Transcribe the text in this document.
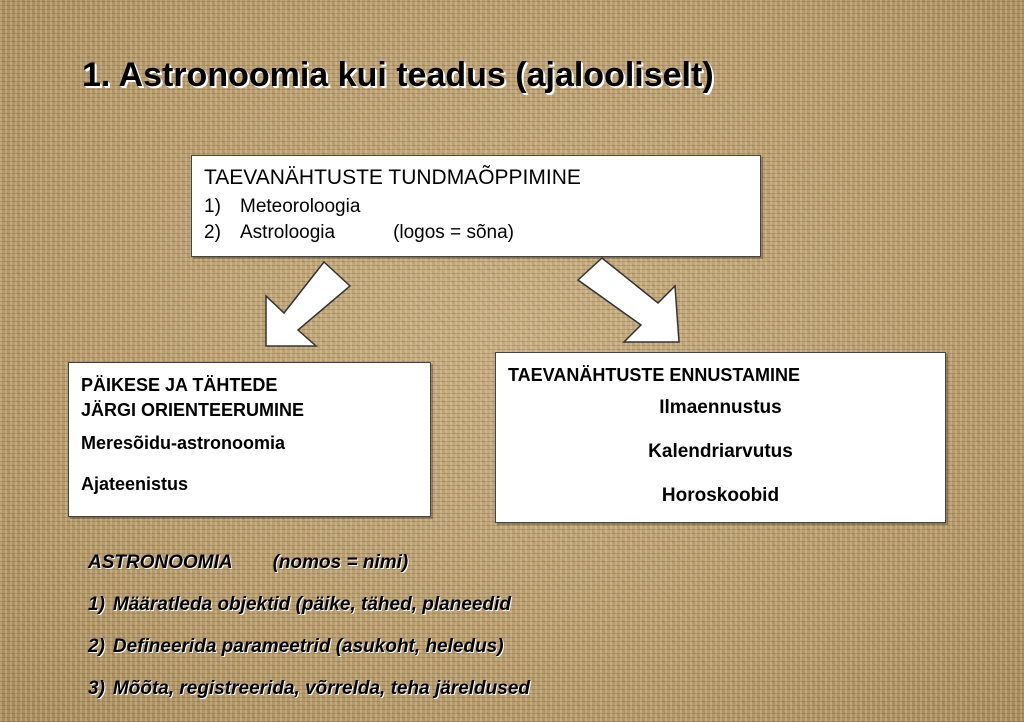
1. Astronoomia kui teadus (ajalooliselt)
TAEVANÄHTUSTE TUNDMAÕPPIMINE
1)	Meteoroloogia
2)	Astroloogia	(logos = sõna)
PÄIKESE JA TÄHTEDE
JÄRGI ORIENTEERUMINE
Meresõidu-astronoomia
Ajateenistus
TAEVANÄHTUSTE ENNUSTAMINE
Ilmaennustus
Kalendriarvutus
Horoskoobid
ASTRONOOMIA (nomos = nimi)
1) Määratleda objektid (päike, tähed, planeedid
2) Defineerida parameetrid (asukoht, heledus)
3) Mõõta, registreerida, võrrelda, teha järeldused
